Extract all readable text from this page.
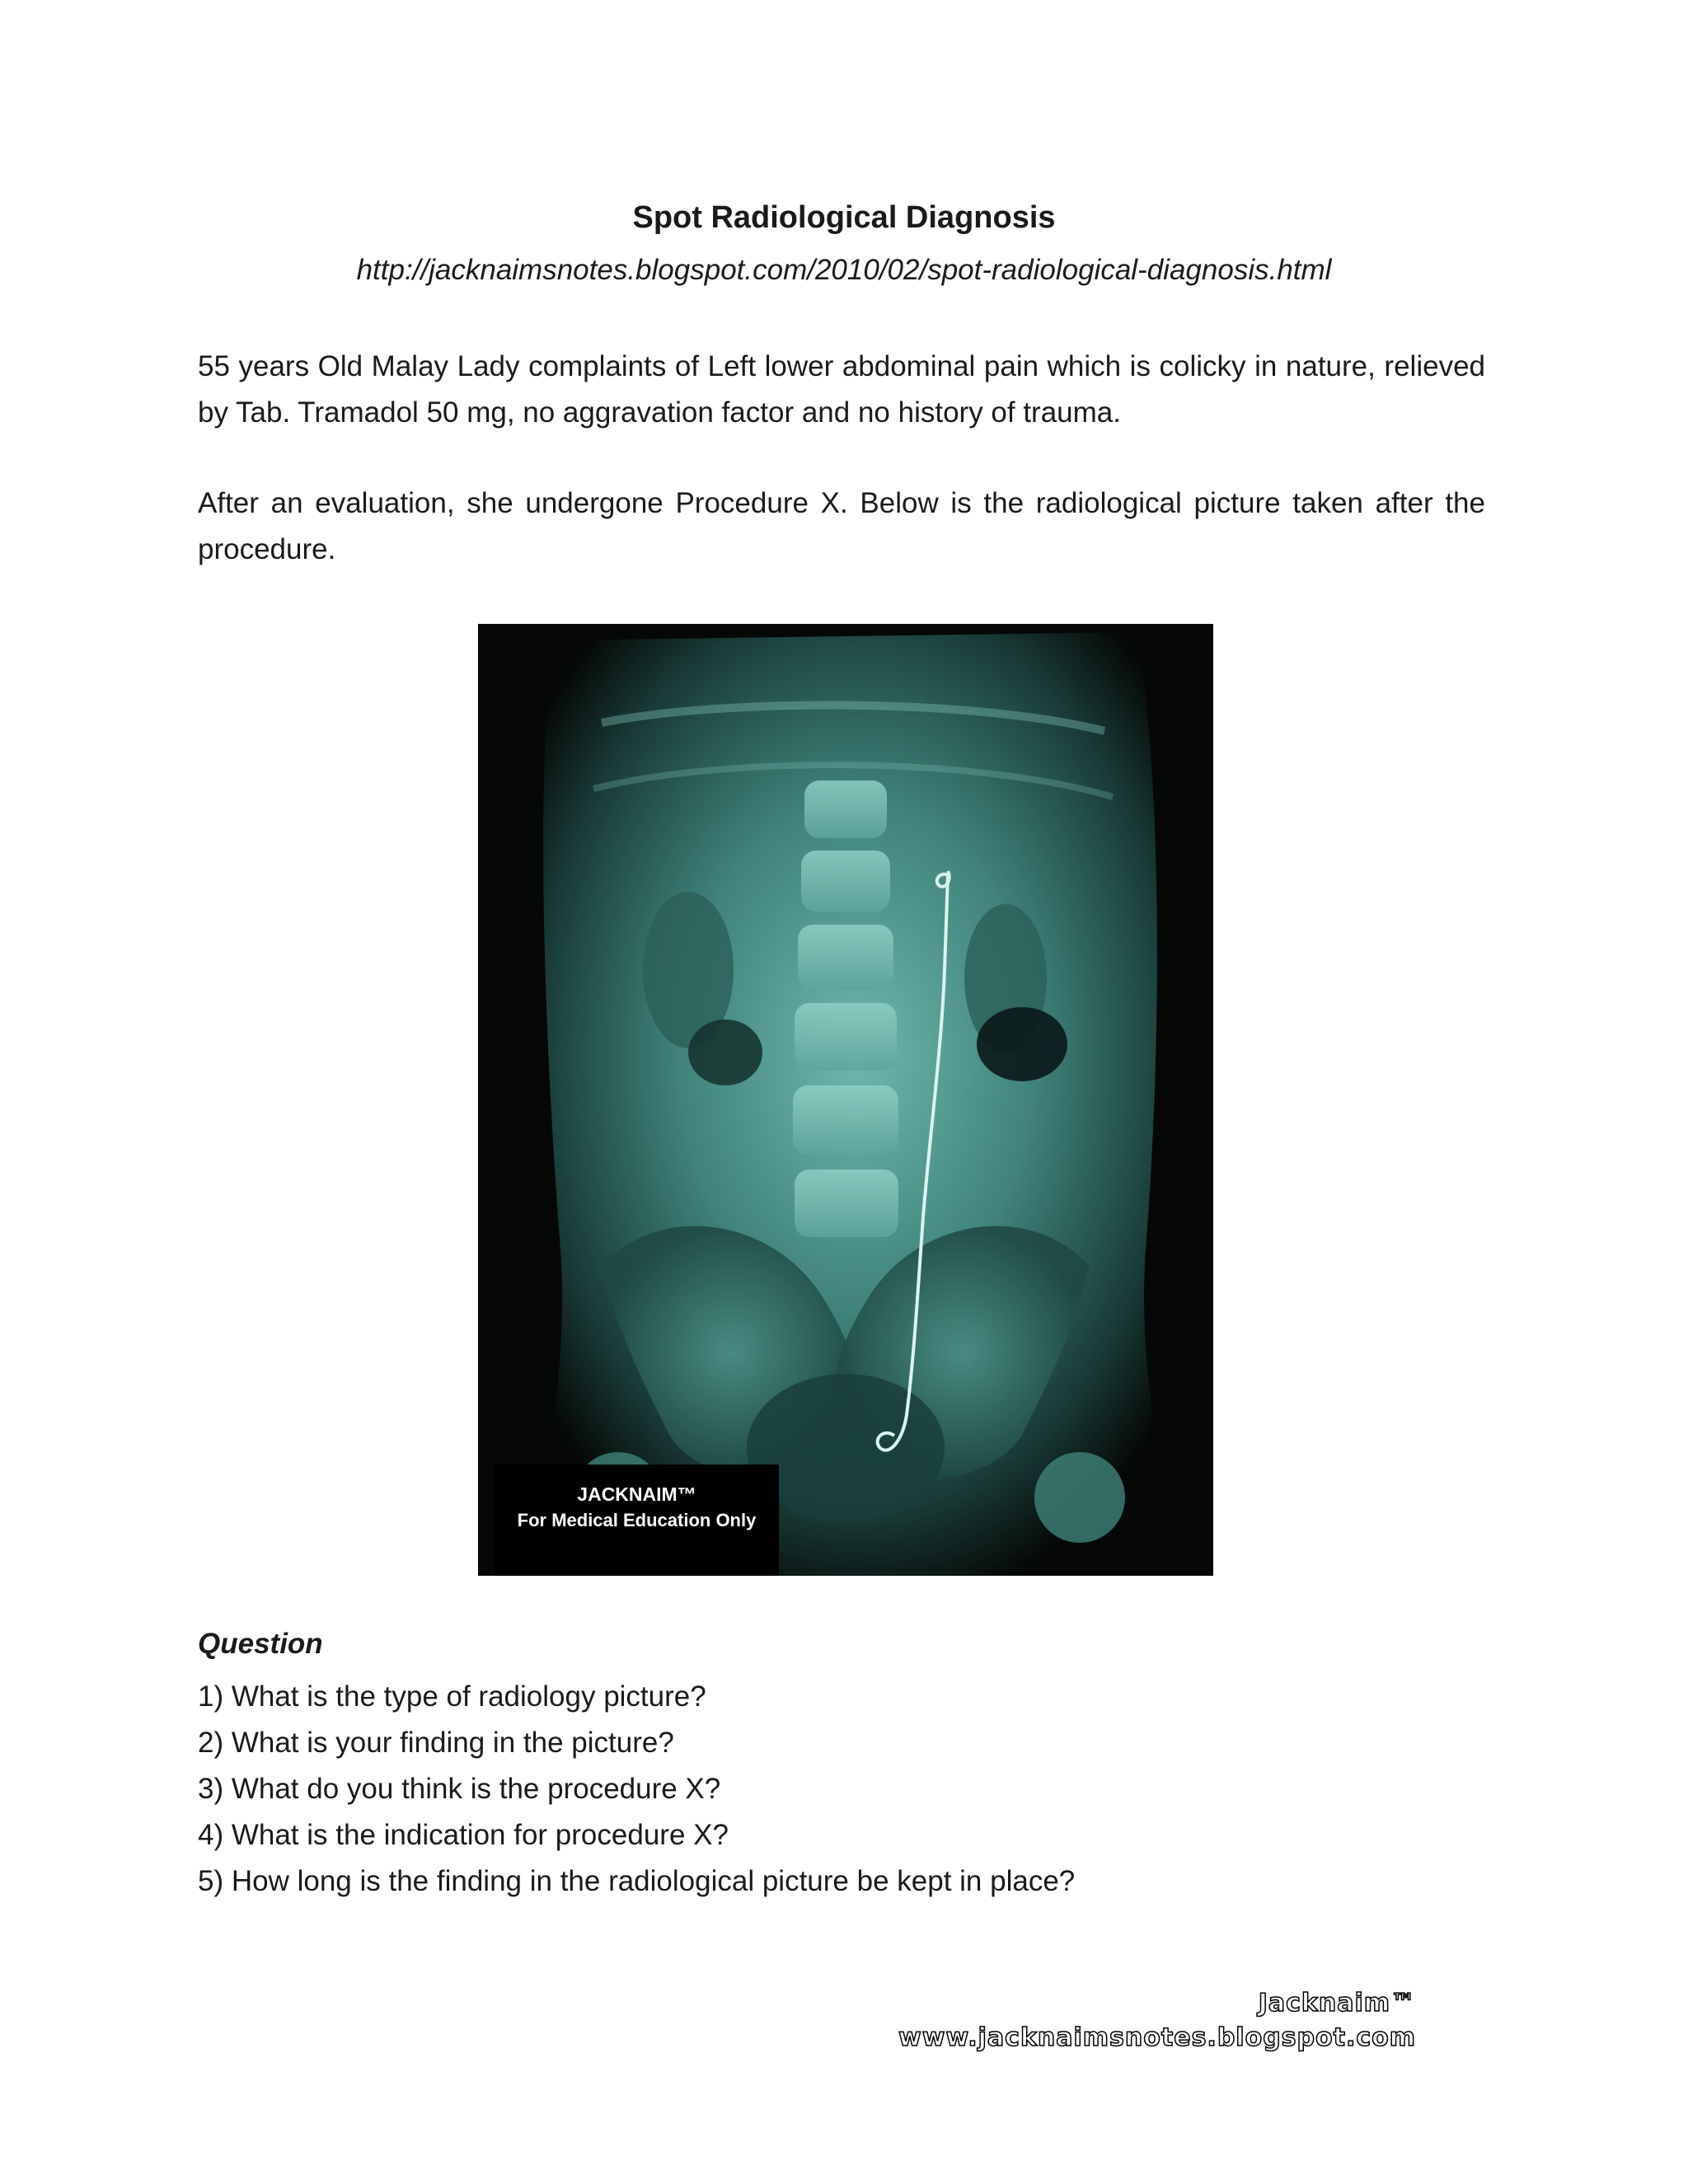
Spot Radiological Diagnosis
http://jacknaimsnotes.blogspot.com/2010/02/spot-radiological-diagnosis.html

55 years Old Malay Lady complaints of Left lower abdominal pain which is colicky in nature, relieved by Tab. Tramadol 50 mg, no aggravation factor and no history of trauma.

After an evaluation, she undergone Procedure X. Below is the radiological picture taken after the procedure.

JACKNAIM™
For Medical Education Only
Question
1) What is the type of radiology picture?
2) What is your finding in the picture?
3) What do you think is the procedure X?
4) What is the indication for procedure X?
5) How long is the finding in the radiological picture be kept in place?
Jacknaim™
www.jacknaimsnotes.blogspot.com
